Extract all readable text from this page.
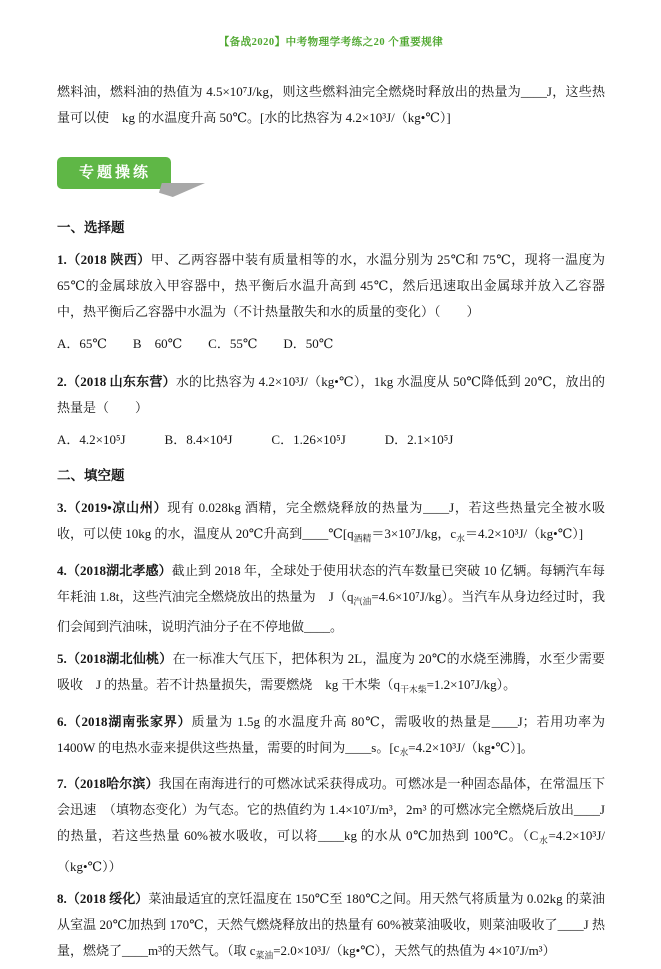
【备战2020】中考物理学考练之20 个重要规律

燃料油，燃料油的热值为 4.5×10⁷J/kg，则这些燃料油完全燃烧时释放出的热量为____J，这些热量可以使　kg 的水温度升高 50℃。[水的比热容为 4.2×10³J/（kg•℃）]

专题操练
一、选择题

1.（2018 陕西）甲、乙两容器中装有质量相等的水，水温分别为 25℃和 75℃，现将一温度为 65℃的金属球放入甲容器中，热平衡后水温升高到 45℃，然后迅速取出金属球并放入乙容器中，热平衡后乙容器中水温为（不计热量散失和水的质量的变化）（　　）

A．65℃　　B　60℃　　C．55℃　　D．50℃

2.（2018 山东东营）水的比热容为 4.2×10³J/（kg•℃），1kg 水温度从 50℃降低到 20℃，放出的热量是（　　）

A．4.2×10⁵J　　　B．8.4×10⁴J　　　C．1.26×10⁵J　　　D．2.1×10⁵J

二、填空题

3.（2019•凉山州）现有 0.028kg 酒精，完全燃烧释放的热量为____J，若这些热量完全被水吸收，可以使 10kg 的水，温度从 20℃升高到$\_\_\_\_℃[q_{酒精}=3\times 10^7J/kg$，$c_水=4.2\times 10^3J/(kg•℃)$]

4.（2018湖北孝感）截止到 2018 年，全球处于使用状态的汽车数量已突破 10 亿辆。每辆汽车每年耗油 1.8t，这些汽油完全燃烧放出的热量为　$J(q_{汽油}=4.6\times 10^7J/kg)$。当汽车从身边经过时，我们会闻到汽油味，说明汽油分子在不停地做____。

5.（2018湖北仙桃）在一标准大气压下，把体积为 2L，温度为 20℃的水烧至沸腾，水至少需要吸收　J 的热量。若不计热量损失，需要燃烧　kg 干木柴$(q_{干木柴}=1.2\times 10^7J/kg)$。

6.（2018湖南张家界）质量为 1.5g 的水温度升高 80℃，需吸收的热量是____J；若用功率为 1400W 的电热水壶来提供这些热量，需要的时间为____s。$[c_水=4.2\times 10^3J/(kg•℃)]$。

7.（2018哈尔滨）我国在南海进行的可燃冰试采获得成功。可燃冰是一种固态晶体，在常温压下会迅速　（填物态变化）为气态。它的热值约为 1.4×10⁷J/m³，2m³ 的可燃冰完全燃烧后放出____J 的热量，若这些热量 60%被水吸收，可以将____kg 的水从 0℃加热到 100℃。$(C_水=4.2\times 10^3J/(kg•℃))$

8.（2018 绥化）菜油最适宜的烹饪温度在 150℃至 180℃之间。用天然气将质量为 0.02kg 的菜油从室温 20℃加热到 170℃，天然气燃烧释放出的热量有 60%被菜油吸收，则菜油吸收了____J 热量，燃烧了____m³的天然气。（取 $c_{菜油}=2.0\times 10^3J/(kg•℃)$，天然气的热值为 4×10⁷J/m³）
